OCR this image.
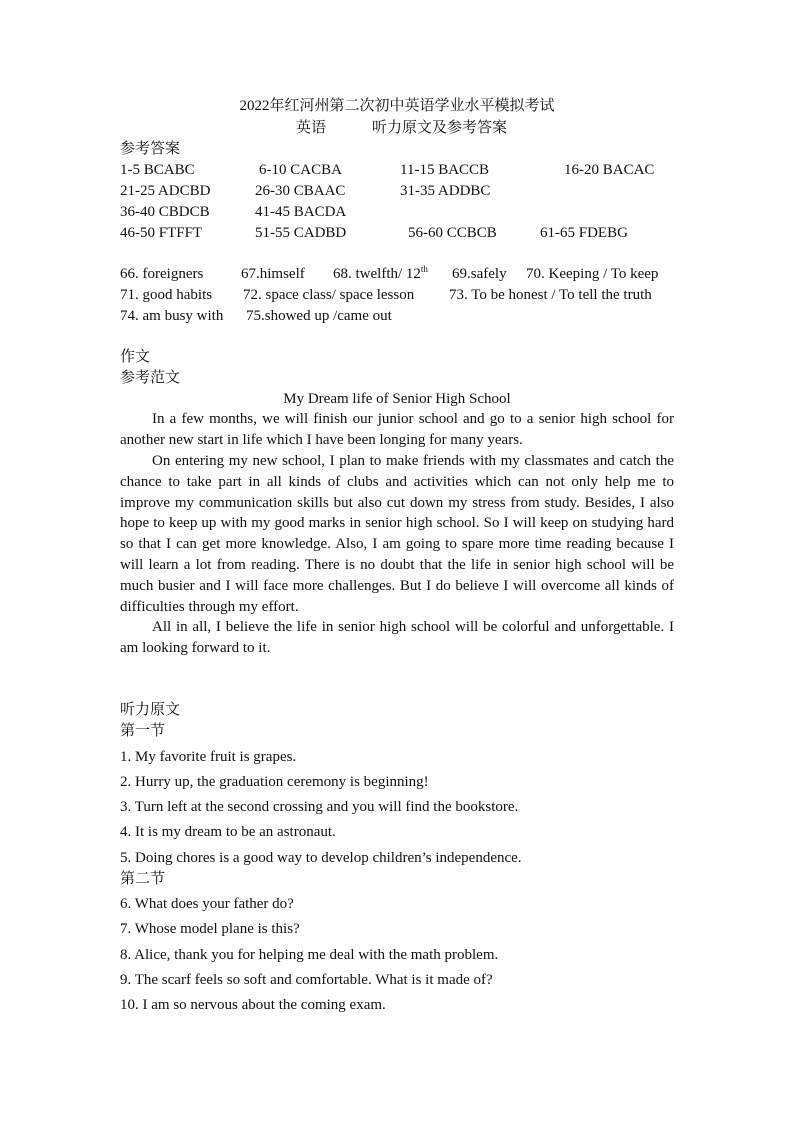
2022年红河州第二次初中英语学业水平模拟考试
英语	听力原文及参考答案
参考答案
1-5 BCABC	6-10 CACBA	11-15 BACCB	16-20 BACAC
21-25 ADCBD	26-30 CBAAC	31-35 ADDBC
36-40 CBDCB	41-45 BACDA
46-50 FTFFT	51-55 CADBD	56-60 CCBCB	61-65 FDEBG
66. foreigners	67.himself 68. twelfth/ 12th 69.safely 70. Keeping / To keep
71. good habits 72. space class/ space lesson 73. To be honest / To tell the truth
74. am busy with 75.showed up /came out
作文
参考范文
My Dream life of Senior High School
In a few months, we will finish our junior school and go to a senior high school for another new start in life which I have been longing for many years.
On entering my new school, I plan to make friends with my classmates and catch the chance to take part in all kinds of clubs and activities which can not only help me to improve my communication skills but also cut down my stress from study. Besides, I also hope to keep up with my good marks in senior high school. So I will keep on studying hard so that I can get more knowledge. Also, I am going to spare more time reading because I will learn a lot from reading. There is no doubt that the life in senior high school will be much busier and I will face more challenges. But I do believe I will overcome all kinds of difficulties through my effort.
All in all, I believe the life in senior high school will be colorful and unforgettable. I am looking forward to it.
听力原文
第一节
1. My favorite fruit is grapes.
2. Hurry up, the graduation ceremony is beginning!
3. Turn left at the second crossing and you will find the bookstore.
4. It is my dream to be an astronaut.
5. Doing chores is a good way to develop children’s independence.
第二节
6. What does your father do?
7. Whose model plane is this?
8. Alice, thank you for helping me deal with the math problem.
9. The scarf feels so soft and comfortable. What is it made of?
10. I am so nervous about the coming exam.
